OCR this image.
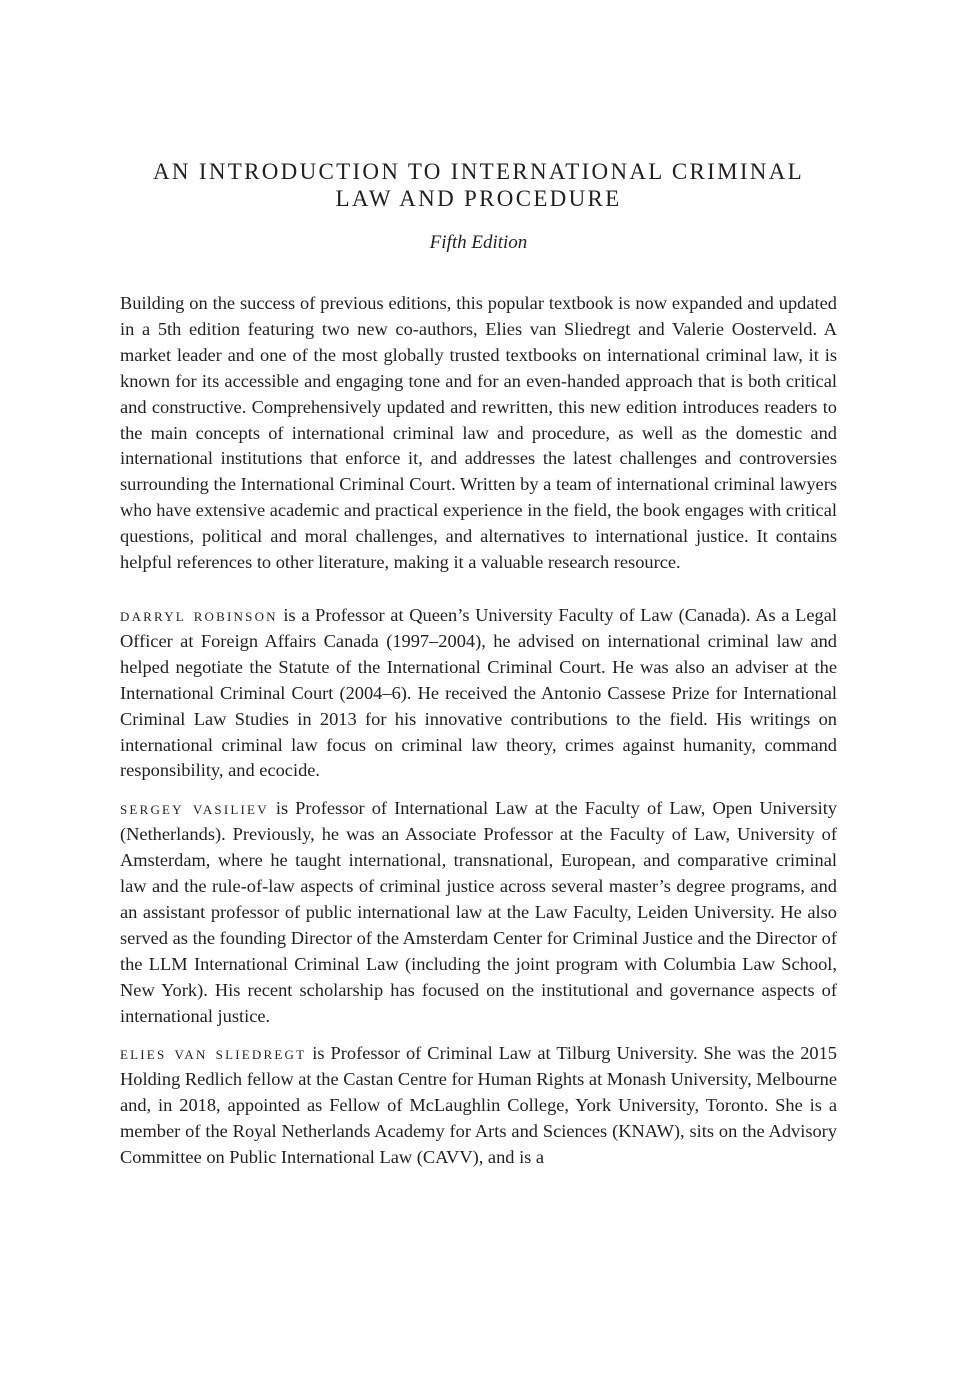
AN INTRODUCTION TO INTERNATIONAL CRIMINAL
LAW AND PROCEDURE

Fifth Edition

Building on the success of previous editions, this popular textbook is now expanded and updated in a 5th edition featuring two new co-authors, Elies van Sliedregt and Valerie Oosterveld. A market leader and one of the most globally trusted textbooks on international criminal law, it is known for its accessible and engaging tone and for an even-handed approach that is both critical and constructive. Comprehensively updated and rewritten, this new edition introduces readers to the main concepts of international criminal law and procedure, as well as the domestic and international institutions that enforce it, and addresses the latest challenges and controversies surrounding the International Criminal Court. Written by a team of international criminal lawyers who have extensive academic and practical experience in the field, the book engages with critical questions, political and moral challenges, and alternatives to international justice. It contains helpful references to other literature, making it a valuable research resource.

darryl robinson is a Professor at Queen’s University Faculty of Law (Canada). As a Legal Officer at Foreign Affairs Canada (1997–2004), he advised on international criminal law and helped negotiate the Statute of the International Criminal Court. He was also an adviser at the International Criminal Court (2004–6). He received the Antonio Cassese Prize for International Criminal Law Studies in 2013 for his innovative contributions to the field. His writings on international criminal law focus on criminal law theory, crimes against humanity, command responsibility, and ecocide.

sergey vasiliev is Professor of International Law at the Faculty of Law, Open University (Netherlands). Previously, he was an Associate Professor at the Faculty of Law, University of Amsterdam, where he taught international, transnational, European, and comparative criminal law and the rule-of-law aspects of criminal justice across several master’s degree programs, and an assistant professor of public international law at the Law Faculty, Leiden University. He also served as the founding Director of the Amsterdam Center for Criminal Justice and the Director of the LLM International Criminal Law (including the joint program with Columbia Law School, New York). His recent scholarship has focused on the institutional and governance aspects of international justice.

elies van sliedregt is Professor of Criminal Law at Tilburg University. She was the 2015 Holding Redlich fellow at the Castan Centre for Human Rights at Monash University, Melbourne and, in 2018, appointed as Fellow of McLaughlin College, York University, Toronto. She is a member of the Royal Netherlands Academy for Arts and Sciences (KNAW), sits on the Advisory Committee on Public International Law (CAVV), and is a
